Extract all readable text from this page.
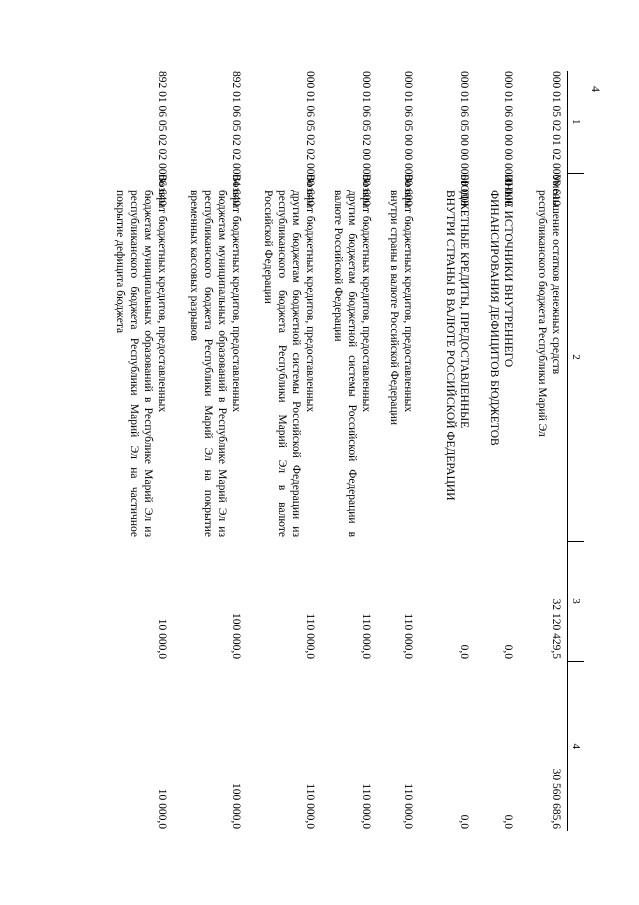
4
1	2	3	4
000 01 05 02 01 02 0000 610	Уменьшение остатков денежных средств
республиканского бюджета Республики Марий Эл	32 120 429,5	30 560 685,6
000 01 06 00 00 00 0000 000	ИНЫЕ ИСТОЧНИКИ ВНУТРЕННЕГО
ФИНАНСИРОВАНИЯ ДЕФИЦИТОВ БЮДЖЕТОВ	0,0	0,0
000 01 06 05 00 00 0000 000	БЮДЖЕТНЫЕ КРЕДИТЫ, ПРЕДОСТАВЛЕННЫЕ
ВНУТРИ СТРАНЫ В ВАЛЮТЕ РОССИЙСКОЙ ФЕДЕРАЦИИ	0,0	0,0
000 01 06 05 00 00 0000 600	Возврат бюджетных кредитов, предоставленных
внутри страны в валюте Российской Федерации	110 000,0	110 000,0
000 01 06 05 02 00 0000 600	Возврат бюджетных кредитов, предоставленных
другим бюджетам бюджетной системы Российской Федерации в валюте Российской Федерации	110 000,0	110 000,0
000 01 06 05 02 02 0000 640	Возврат бюджетных кредитов, предоставленных
другим бюджетам бюджетной системы Российской Федерации из республиканского бюджета Республики Марий Эл в валюте Российской Федерации	110 000,0	110 000,0
892 01 06 05 02 02 0004 640	Возврат бюджетных кредитов, предоставленных
бюджетам муниципальных образований в Республике Марий Эл из республиканского бюджета Республики Марий Эл на покрытие временных кассовых разрывов	100 000,0	100 000,0
892 01 06 05 02 02 0006 640	Возврат бюджетных кредитов, предоставленных
бюджетам муниципальных образований в Республике Марий Эл из республиканского бюджета Республики Марий Эл на частичное покрытие дефицита бюджета	10 000,0	10 000,0
